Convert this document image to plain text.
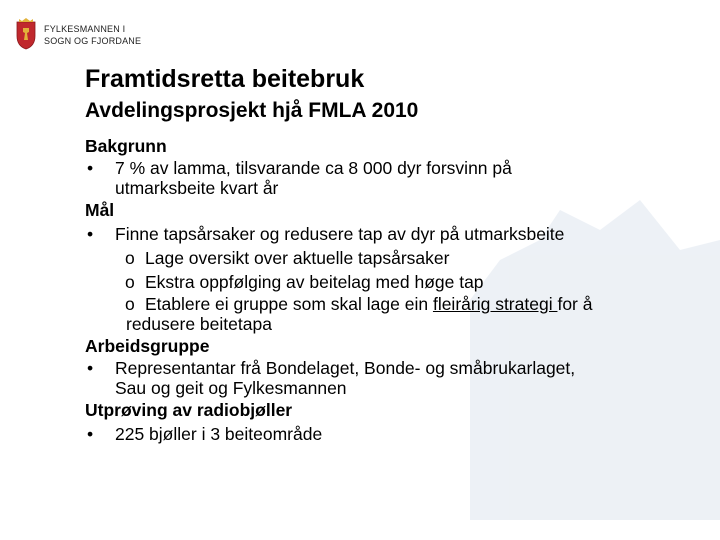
FYLKESMANNEN I
SOGN OG FJORDANE
Framtidsretta beitebruk
Avdelingsprosjekt hjå FMLA 2010
Bakgrunn
• 7 % av lamma, tilsvarande ca 8 000 dyr forsvinn på
utmarksbeite kvart år
Mål
• Finne tapsårsaker og redusere tap av dyr på utmarksbeite
o Lage oversikt over aktuelle tapsårsaker
o Ekstra oppfølging av beitelag med høge tap
o Etablere ei gruppe som skal lage ein fleirårig strategi for å
redusere beitetapa
Arbeidsgruppe
• Representantar frå Bondelaget, Bonde- og småbrukarlaget,
Sau og geit og Fylkesmannen
Utprøving av radiobjøller
• 225 bjøller i 3 beiteområde
